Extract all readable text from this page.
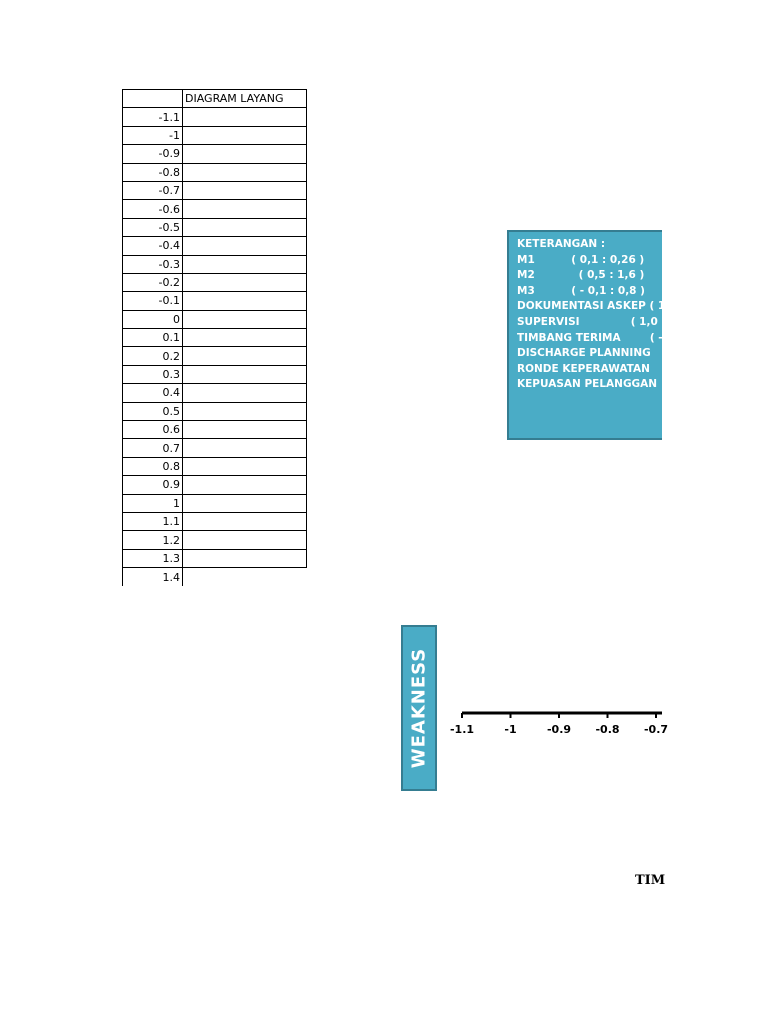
	DIAGRAM LAYANG
-1.1	
-1	
-0.9	
-0.8	
-0.7	
-0.6	
-0.5	
-0.4	
-0.3	
-0.2	
-0.1	
0	
0.1	
0.2	
0.3	
0.4	
0.5	
0.6	
0.7	
0.8	
0.9	
1	
1.1	
1.2	
1.3	
1.4	
KETERANGAN :
M1          ( 0,1 : 0,26 )
M2            ( 0,5 : 1,6 )
M3          ( - 0,1 : 0,8 )
DOKUMENTASI ASKEP ( 1,
SUPERVISI              ( 1,0 : 1
TIMBANG TERIMA        ( -
DISCHARGE PLANNING
RONDE KEPERAWATAN
KEPUASAN PELANGGAN
WEAKNESS -1.1	-1	-0.9 -0.8 -0.7
TIM
